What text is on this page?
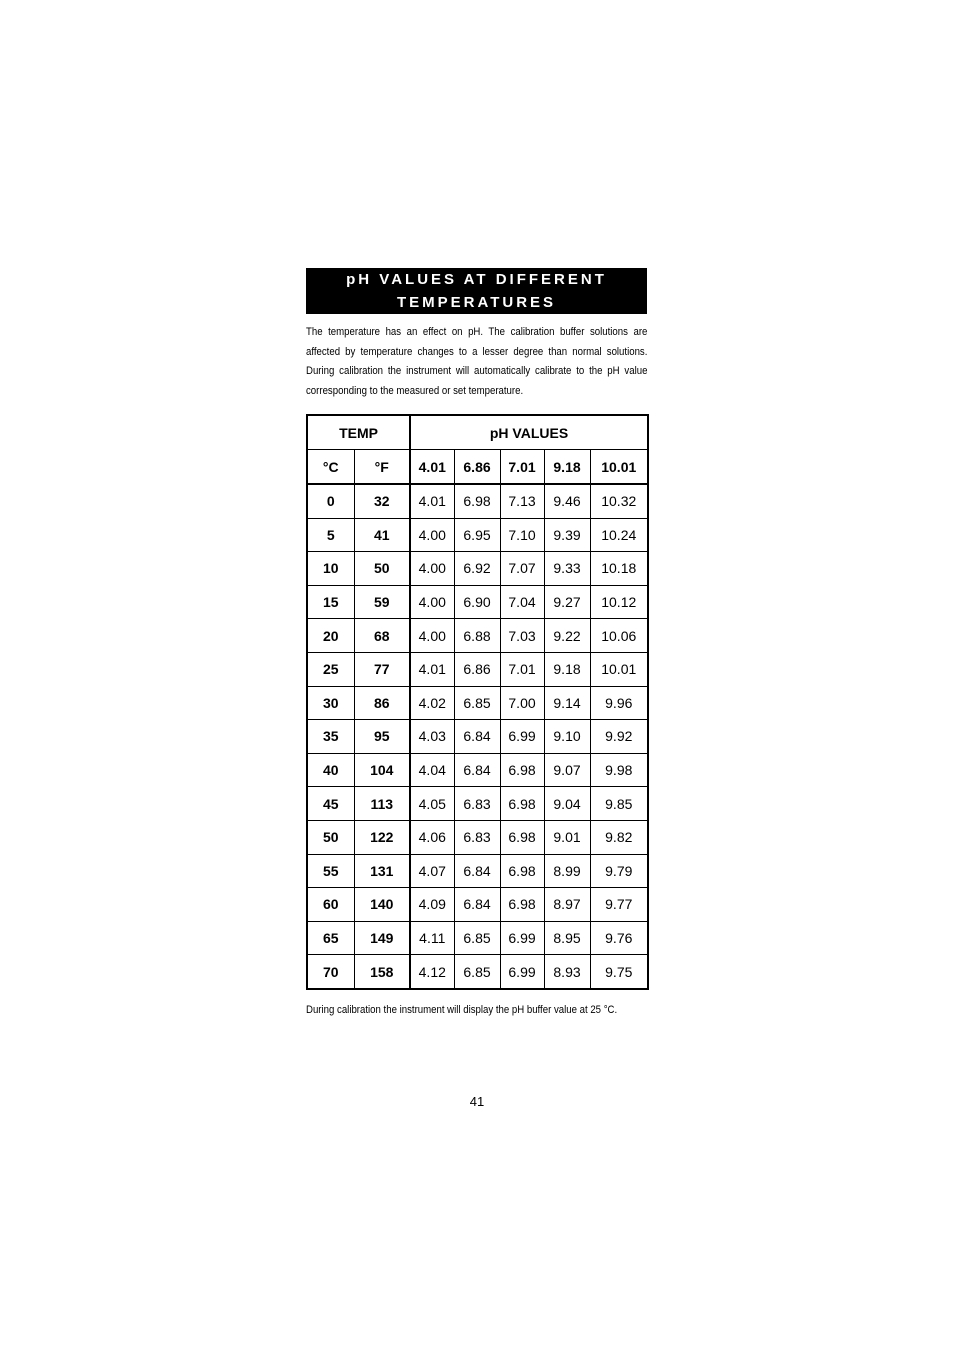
pH VALUES AT DIFFERENT
TEMPERATURES
The temperature has an effect on pH. The calibration buffer solutions are affected by temperature changes to a lesser degree than normal solutions. During calibration the instrument will automatically calibrate to the pH value corresponding to the measured or set temperature.
TEMP		pH VALUES				
°C	°F	4.01	6.86	7.01	9.18	10.01
0	32	4.01	6.98	7.13	9.46	10.32
5	41	4.00	6.95	7.10	9.39	10.24
10	50	4.00	6.92	7.07	9.33	10.18
15	59	4.00	6.90	7.04	9.27	10.12
20	68	4.00	6.88	7.03	9.22	10.06
25	77	4.01	6.86	7.01	9.18	10.01
30	86	4.02	6.85	7.00	9.14	9.96
35	95	4.03	6.84	6.99	9.10	9.92
40	104	4.04	6.84	6.98	9.07	9.98
45	113	4.05	6.83	6.98	9.04	9.85
50	122	4.06	6.83	6.98	9.01	9.82
55	131	4.07	6.84	6.98	8.99	9.79
60	140	4.09	6.84	6.98	8.97	9.77
65	149	4.11	6.85	6.99	8.95	9.76
70	158	4.12	6.85	6.99	8.93	9.75
During calibration the instrument will display the pH buffer value at 25 °C.
41
